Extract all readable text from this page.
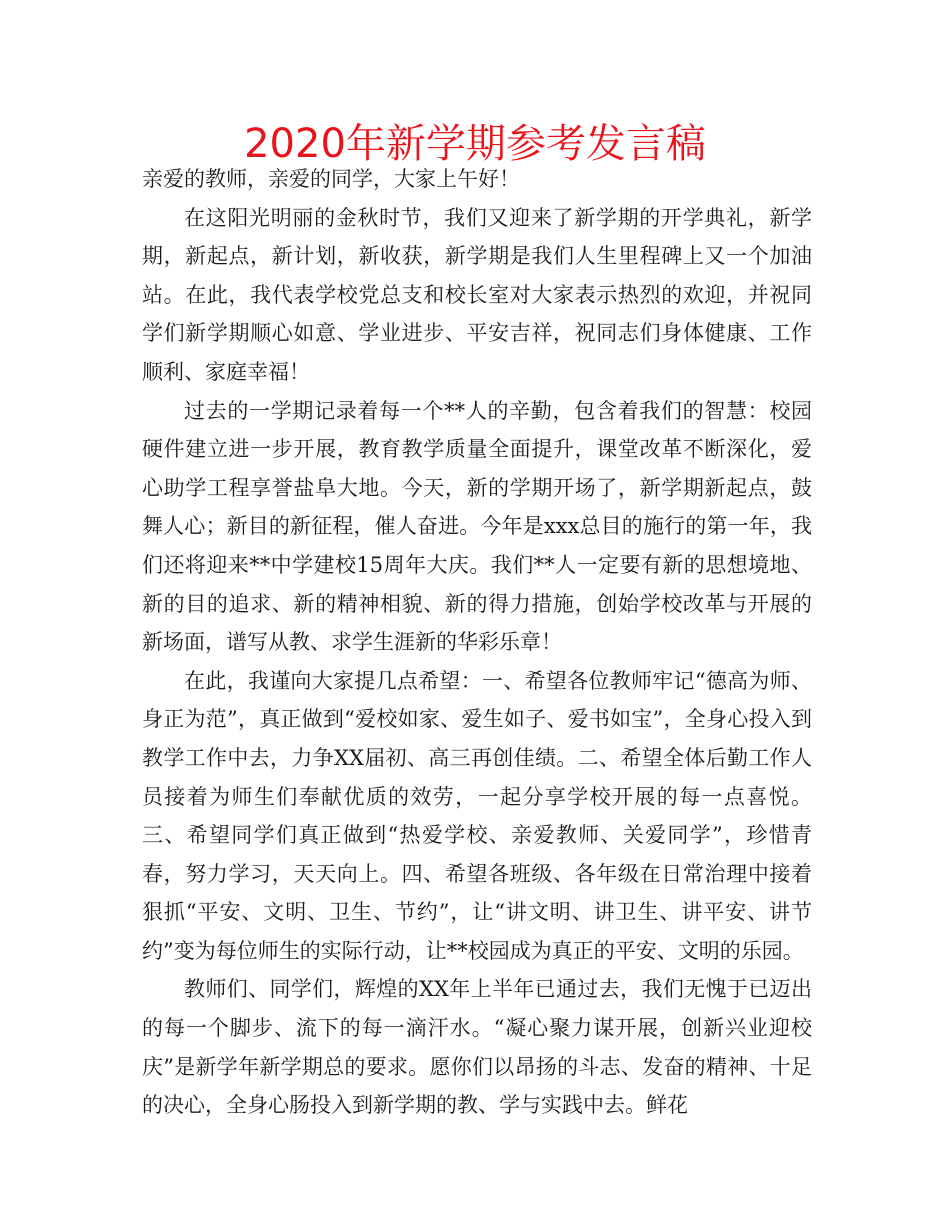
2020年新学期参考发言稿

亲爱的教师，亲爱的同学，大家上午好！

在这阳光明丽的金秋时节，我们又迎来了新学期的开学典礼，新学期，新起点，新计划，新收获，新学期是我们人生里程碑上又一个加油站。在此，我代表学校党总支和校长室对大家表示热烈的欢迎，并祝同学们新学期顺心如意、学业进步、平安吉祥，祝同志们身体健康、工作顺利、家庭幸福！

过去的一学期记录着每一个**人的辛勤，包含着我们的智慧：校园硬件建立进一步开展，教育教学质量全面提升，课堂改革不断深化，爱心助学工程享誉盐阜大地。今天，新的学期开场了，新学期新起点，鼓舞人心；新目的新征程，催人奋进。今年是xxx总目的施行的第一年，我们还将迎来**中学建校15周年大庆。我们**人一定要有新的思想境地、新的目的追求、新的精神相貌、新的得力措施，创始学校改革与开展的新场面，谱写从教、求学生涯新的华彩乐章！

在此，我谨向大家提几点希望：一、希望各位教师牢记“德高为师、身正为范”，真正做到“爱校如家、爱生如子、爱书如宝”，全身心投入到教学工作中去，力争XX届初、高三再创佳绩。二、希望全体后勤工作人员接着为师生们奉献优质的效劳，一起分享学校开展的每一点喜悦。三、希望同学们真正做到“热爱学校、亲爱教师、关爱同学”，珍惜青春，努力学习，天天向上。四、希望各班级、各年级在日常治理中接着狠抓“平安、文明、卫生、节约”，让“讲文明、讲卫生、讲平安、讲节约”变为每位师生的实际行动，让**校园成为真正的平安、文明的乐园。

教师们、同学们，辉煌的XX年上半年已通过去，我们无愧于已迈出的每一个脚步、流下的每一滴汗水。“凝心聚力谋开展，创新兴业迎校庆”是新学年新学期总的要求。愿你们以昂扬的斗志、发奋的精神、十足的决心，全身心肠投入到新学期的教、学与实践中去。鲜花
